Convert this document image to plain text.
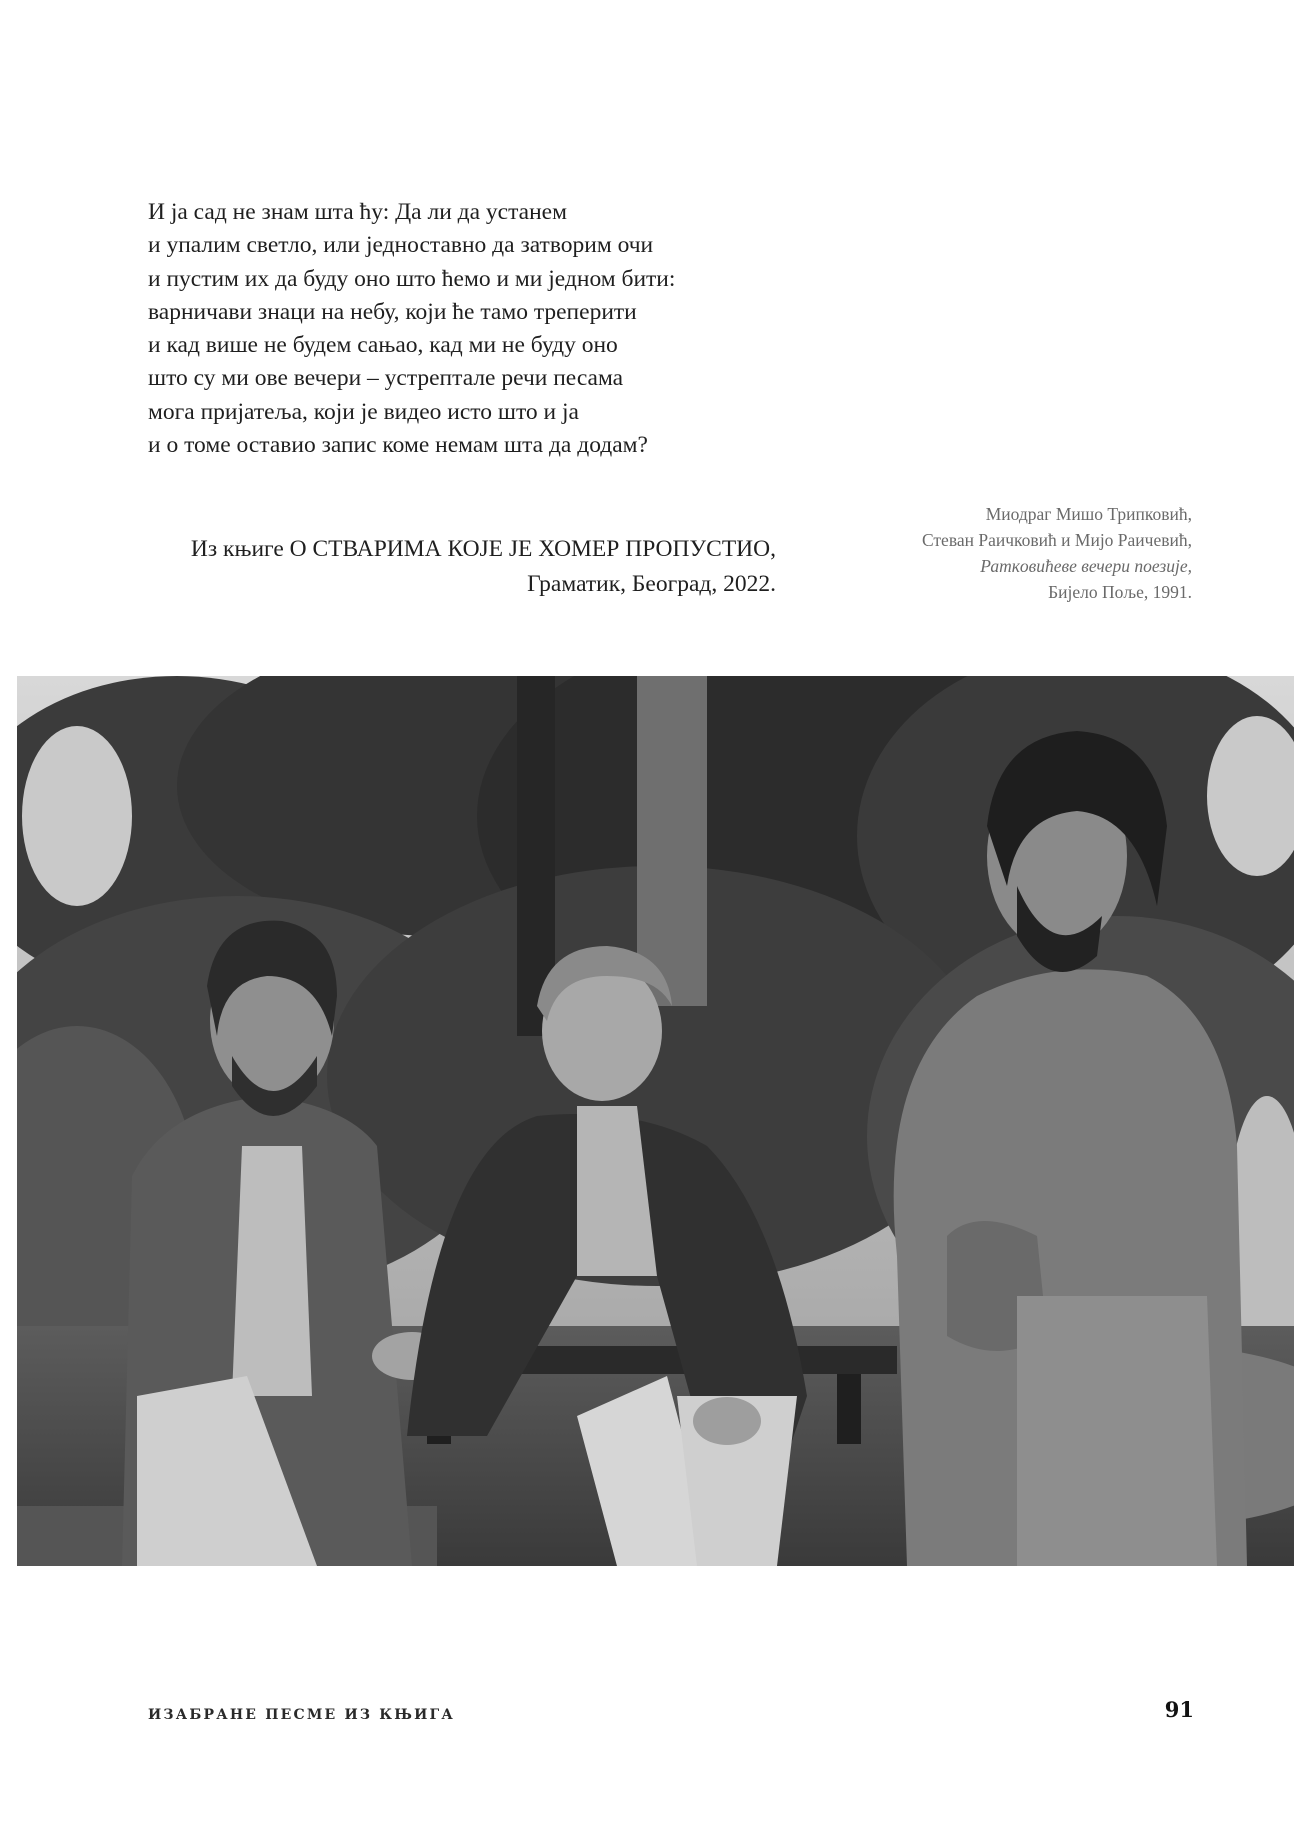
И ја сад не знам шта ћу: Да ли да устанем
и упалим светло, или једноставно да затворим очи
и пустим их да буду оно што ћемо и ми једном бити:
варничави знаци на небу, који ће тамо треперити
и кад више не будем сањао, кад ми не буду оно
што су ми ове вечери – устрептале речи песама
мога пријатеља, који је видео исто што и ја
и о томе оставио запис коме немам шта да додам?
Из књиге О СТВАРИМА КОЈЕ ЈЕ ХОМЕР ПРОПУСТИО,
Граматик, Београд, 2022.
Миодраг Мишо Трипковић,
Стеван Раичковић и Мијо Раичевић,
Раткoвићеве вечери поезије,
Бијело Поље, 1991.
ИЗАБРАНЕ ПЕСМЕ ИЗ КЊИГА	91
